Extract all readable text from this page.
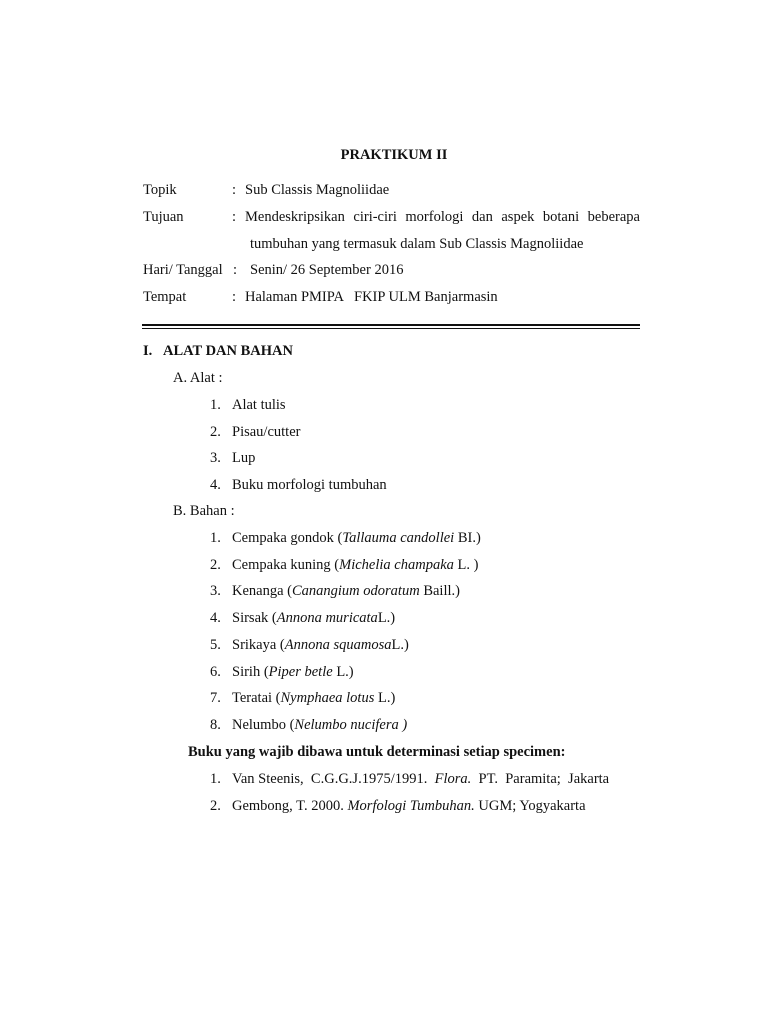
PRAKTIKUM II
Topik	: Sub Classis Magnoliidae
Tujuan	: Mendeskripsikan ciri-ciri morfologi dan aspek botani beberapa
tumbuhan yang termasuk dalam Sub Classis Magnoliidae
Hari/ Tanggal : Senin/ 26 September 2016
Tempat	: Halaman PMIPA   FKIP ULM Banjarmasin
I. ALAT DAN BAHAN
A. Alat :
1. Alat tulis
2. Pisau/cutter
3. Lup
4. Buku morfologi tumbuhan
B. Bahan :
1. Cempaka gondok (Tallauma candollei BI.)
2. Cempaka kuning (Michelia champaka L. )
3. Kenanga (Canangium odoratum Baill.)
4. Sirsak (Annona muricataL.)
5. Srikaya (Annona squamosaL.)
6. Sirih (Piper betle L.)
7. Teratai (Nymphaea lotus L.)
8. Nelumbo (Nelumbo nucifera )
Buku yang wajib dibawa untuk determinasi setiap specimen:
1. Van Steenis,  C.G.G.J.1975/1991.  Flora.  PT.  Paramita;  Jakarta
2. Gembong, T. 2000. Morfologi Tumbuhan. UGM; Yogyakarta
